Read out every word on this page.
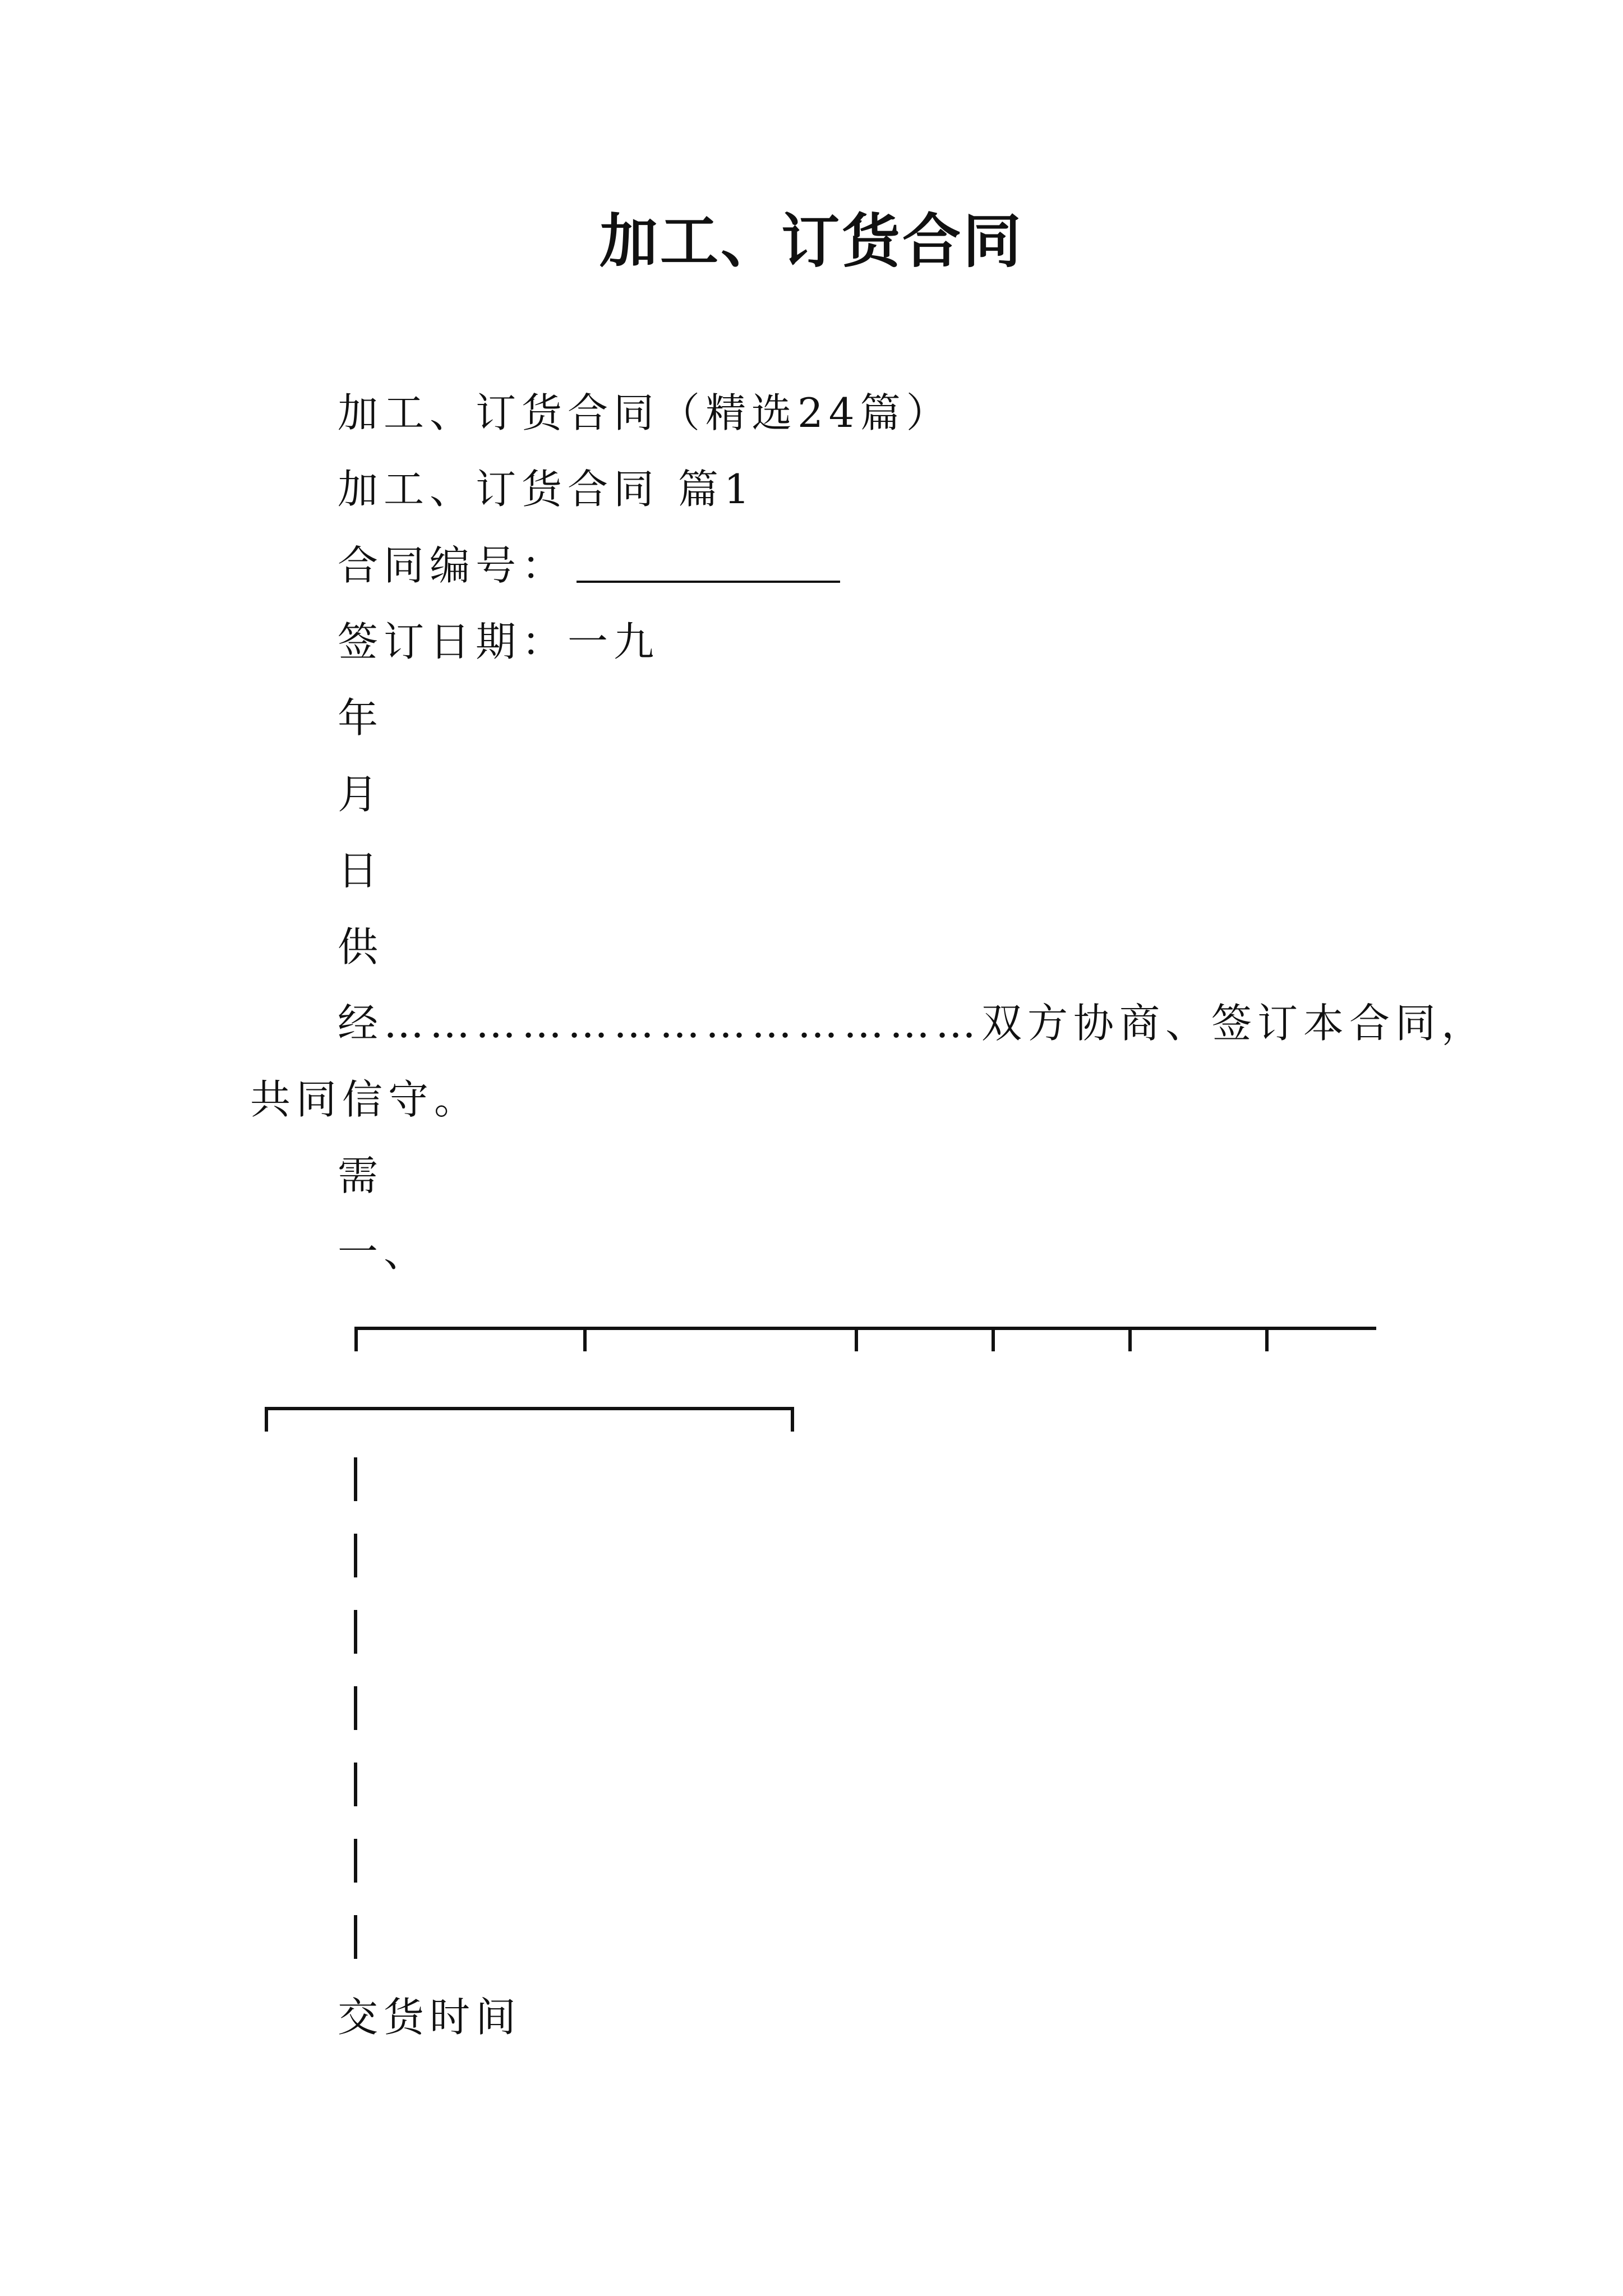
加工、订货合同
加工、订货合同（精选24篇）
加工、订货合同 篇1
合同编号：
签订日期：一九
年
月
日
供
经…………………………………双方协商、签订本合同，
共同信守。
需
一、
交货时间
